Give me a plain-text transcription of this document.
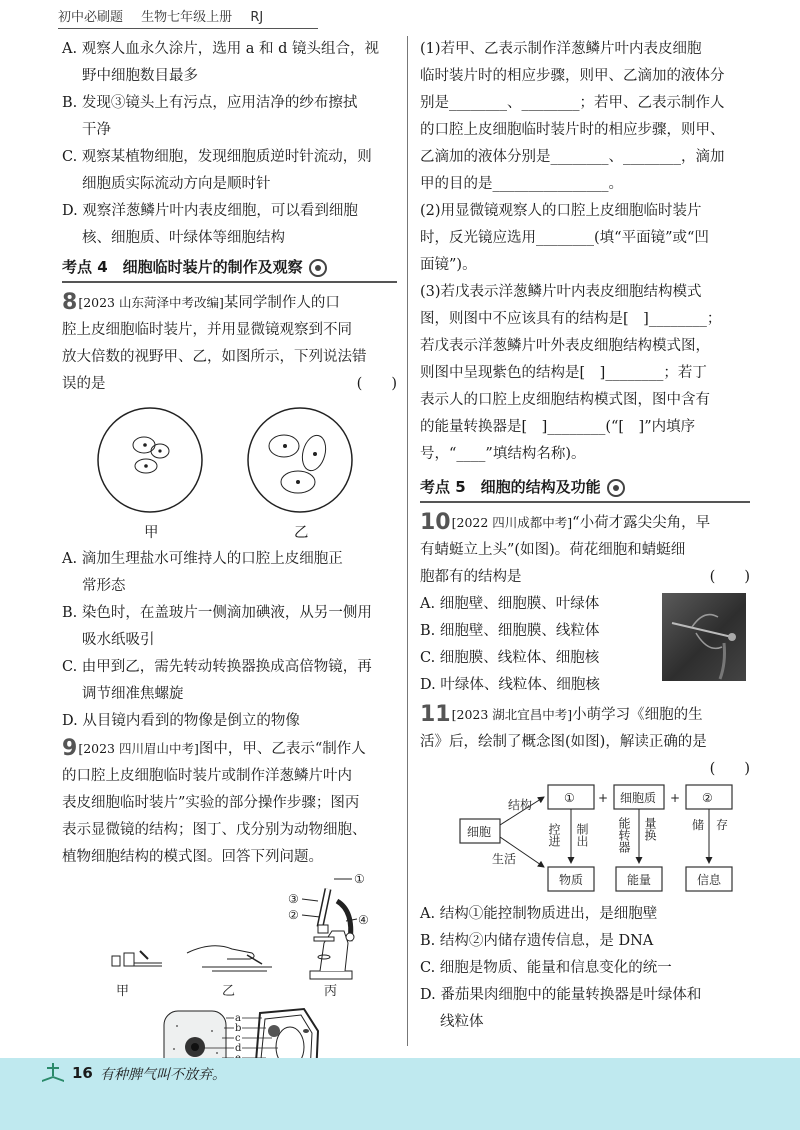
初中必刷题 生物七年级上册 RJ

A. 观察人血永久涂片，选用 a 和 d 镜头组合，视

野中细胞数目最多

B. 发现③镜头上有污点，应用洁净的纱布擦拭

干净

C. 观察某植物细胞，发现细胞质逆时针流动，则

细胞质实际流动方向是顺时针

D. 观察洋葱鳞片叶内表皮细胞，可以看到细胞

核、细胞质、叶绿体等细胞结构

考点 4　细胞临时装片的制作及观察

8[2023 山东菏泽中考改编]某同学制作人的口

腔上皮细胞临时装片，并用显微镜观察到不同

放大倍数的视野甲、乙，如图所示，下列说法错

误的是	(　　)

甲	乙

A. 滴加生理盐水可维持人的口腔上皮细胞正

常形态

B. 染色时，在盖玻片一侧滴加碘液，从另一侧用

吸水纸吸引

C. 由甲到乙，需先转动转换器换成高倍物镜，再

调节细准焦螺旋

D. 从目镜内看到的物像是倒立的物像

9[2023 四川眉山中考]图中，甲、乙表示“制作人

的口腔上皮细胞临时装片或制作洋葱鳞片叶内

表皮细胞临时装片”实验的部分操作步骤；图丙

表示显微镜的结构；图丁、戊分别为动物细胞、

植物细胞结构的模式图。回答下列问题。

①
③
②	④
甲	乙	丙
a
b
c
d

(1)若甲、乙表示制作洋葱鳞片叶内表皮细胞

临时装片时的相应步骤，则甲、乙滴加的液体分

别是________、________；若甲、乙表示制作人

的口腔上皮细胞临时装片时的相应步骤，则甲、

乙滴加的液体分别是________、________，滴加

甲的目的是________________。

(2)用显微镜观察人的口腔上皮细胞临时装片

时，反光镜应选用________(填“平面镜”或“凹

面镜”)。

(3)若戊表示洋葱鳞片叶内表皮细胞结构模式

图，则图中不应该具有的结构是[　]________；

若戊表示洋葱鳞片叶外表皮细胞结构模式图，

则图中呈现紫色的结构是[　]________；若丁

表示人的口腔上皮细胞结构模式图，图中含有

的能量转换器是[　]________(“[　]”内填序

号，“____”填结构名称)。

考点 5　细胞的结构及功能

10[2022 四川成都中考]“小荷才露尖尖角，早

有蜻蜓立上头”(如图)。荷花细胞和蜻蜓细

胞都有的结构是	(　　)

A. 细胞壁、细胞膜、叶绿体

B. 细胞壁、细胞膜、线粒体

C. 细胞膜、线粒体、细胞核

D. 叶绿体、线粒体、细胞核

11[2023 湖北宜昌中考]小萌学习《细胞的生

活》后，绘制了概念图(如图)，解读正确的是

(　　)

细胞
结构
生活
① + 细胞质 + ②
控进 制出 能转器 量换	储 存
物质	能量	信息

A. 结构①能控制物质进出，是细胞壁

B. 结构②内储存遗传信息，是 DNA

C. 细胞是物质、能量和信息变化的统一

D. 番茄果肉细胞中的能量转换器是叶绿体和

线粒体

16 有种脾气叫不放弃。
